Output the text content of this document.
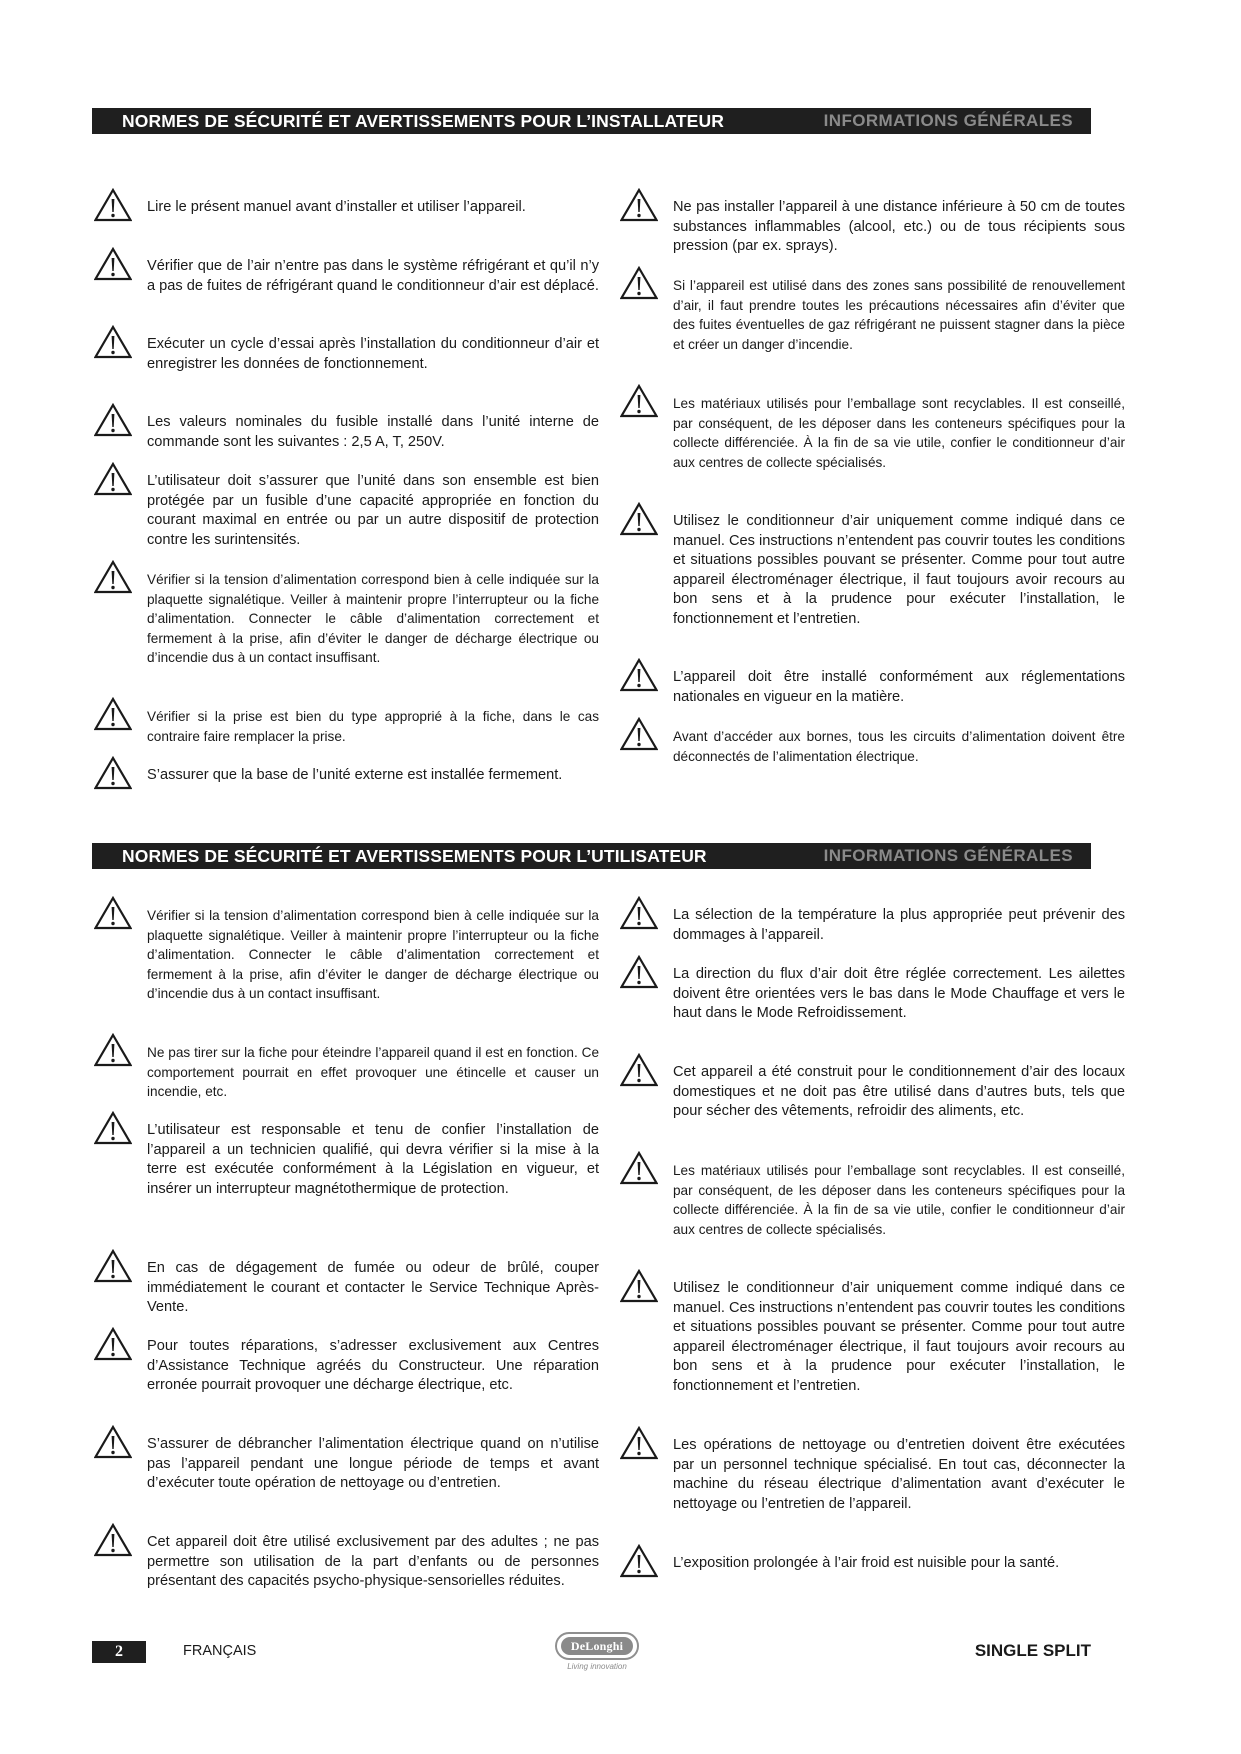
NORMES DE SÉCURITÉ ET AVERTISSEMENTS POUR L’INSTALLATEUR	INFORMATIONS GÉNÉRALES

Lire le présent manuel avant d’installer et utiliser l’appareil.

Vérifier que de l’air n’entre pas dans le système réfrigérant et qu’il n’y a pas de fuites de réfrigérant quand le conditionneur d’air est déplacé.

Exécuter un cycle d’essai après l’installation du conditionneur d’air et enregistrer les données de fonctionnement.

Les valeurs nominales du fusible installé dans l’unité interne de commande sont les suivantes : 2,5 A, T, 250V.

L’utilisateur doit s’assurer que l’unité dans son ensemble est bien protégée par un fusible d’une capacité appropriée en fonction du courant maximal en entrée ou par un autre dispositif de protection contre les surintensités.

Vérifier si la tension d’alimentation correspond bien à celle indiquée sur la plaquette signalétique. Veiller à maintenir propre l’interrupteur ou la fiche d’alimentation. Connecter le câble d’alimentation correctement et fermement à la prise, afin d’éviter le danger de décharge électrique ou d’incendie dus à un contact insuffisant.

Vérifier si la prise est bien du type approprié à la fiche, dans le cas contraire faire remplacer la prise.

S’assurer que la base de l’unité externe est installée fermement.

Ne pas installer l’appareil à une distance inférieure à 50 cm de toutes substances inflammables (alcool, etc.) ou de tous récipients sous pression (par ex. sprays).

Si l’appareil est utilisé dans des zones sans possibilité de renouvellement d’air, il faut prendre toutes les précautions nécessaires afin d’éviter que des fuites éventuelles de gaz réfrigérant ne puissent stagner dans la pièce et créer un danger d’incendie.

Les matériaux utilisés pour l’emballage sont recyclables. Il est conseillé, par conséquent, de les déposer dans les conteneurs spécifiques pour la collecte différenciée. À la fin de sa vie utile, confier le conditionneur d’air aux centres de collecte spécialisés.

Utilisez le conditionneur d’air uniquement comme indiqué dans ce manuel. Ces instructions n’entendent pas couvrir toutes les conditions et situations possibles pouvant se présenter. Comme pour tout autre appareil électroménager électrique, il faut toujours avoir recours au bon sens et à la prudence pour exécuter l’installation, le fonctionnement et l’entretien.

L’appareil doit être installé conformément aux réglementations nationales en vigueur en la matière.

Avant d’accéder aux bornes, tous les circuits d’alimentation doivent être déconnectés de l’alimentation électrique.

NORMES DE SÉCURITÉ ET AVERTISSEMENTS POUR L’UTILISATEUR	INFORMATIONS GÉNÉRALES

Vérifier si la tension d’alimentation correspond bien à celle indiquée sur la plaquette signalétique. Veiller à maintenir propre l’interrupteur ou la fiche d’alimentation. Connecter le câble d’alimentation correctement et fermement à la prise, afin d’éviter le danger de décharge électrique ou d’incendie dus à un contact insuffisant.

Ne pas tirer sur la fiche pour éteindre l’appareil quand il est en fonction. Ce comportement pourrait en effet provoquer une étincelle et causer un incendie, etc.

L’utilisateur est responsable et tenu de confier l’installation de l’appareil a un technicien qualifié, qui devra vérifier si la mise à la terre est exécutée conformément à la Législation en vigueur, et insérer un interrupteur magnétothermique de protection.

En cas de dégagement de fumée ou odeur de brûlé, couper immédiatement le courant et contacter le Service Technique Après-Vente.

Pour toutes réparations, s’adresser exclusivement aux Centres d’Assistance Technique agréés du Constructeur. Une réparation erronée pourrait provoquer une décharge électrique, etc.

S’assurer de débrancher l’alimentation électrique quand on n’utilise pas l’appareil pendant une longue période de temps et avant d’exécuter toute opération de nettoyage ou d’entretien.

Cet appareil doit être utilisé exclusivement par des adultes ; ne pas permettre son utilisation de la part d’enfants ou de personnes présentant des capacités psycho-physique-sensorielles réduites.

La sélection de la température la plus appropriée peut prévenir des dommages à l’appareil.

La direction du flux d’air doit être réglée correctement. Les ailettes doivent être orientées vers le bas dans le Mode Chauffage et vers le haut dans le Mode Refroidissement.

Cet appareil a été construit pour le conditionnement d’air des locaux domestiques et ne doit pas être utilisé dans d’autres buts, tels que pour sécher des vêtements, refroidir des aliments, etc.

Les matériaux utilisés pour l’emballage sont recyclables. Il est conseillé, par conséquent, de les déposer dans les conteneurs spécifiques pour la collecte différenciée. À la fin de sa vie utile, confier le conditionneur d’air aux centres de collecte spécialisés.

Utilisez le conditionneur d’air uniquement comme indiqué dans ce manuel. Ces instructions n’entendent pas couvrir toutes les conditions et situations possibles pouvant se présenter. Comme pour tout autre appareil électroménager électrique, il faut toujours avoir recours au bon sens et à la prudence pour exécuter l’installation, le fonctionnement et l’entretien.

Les opérations de nettoyage ou d’entretien doivent être exécutées par un personnel technique spécialisé. En tout cas, déconnecter la machine du réseau électrique d’alimentation avant d’exécuter le nettoyage ou l’entretien de l’appareil.

L’exposition prolongée à l’air froid est nuisible pour la santé.

2	FRANÇAIS	DeLonghi
Living innovation
SINGLE SPLIT
